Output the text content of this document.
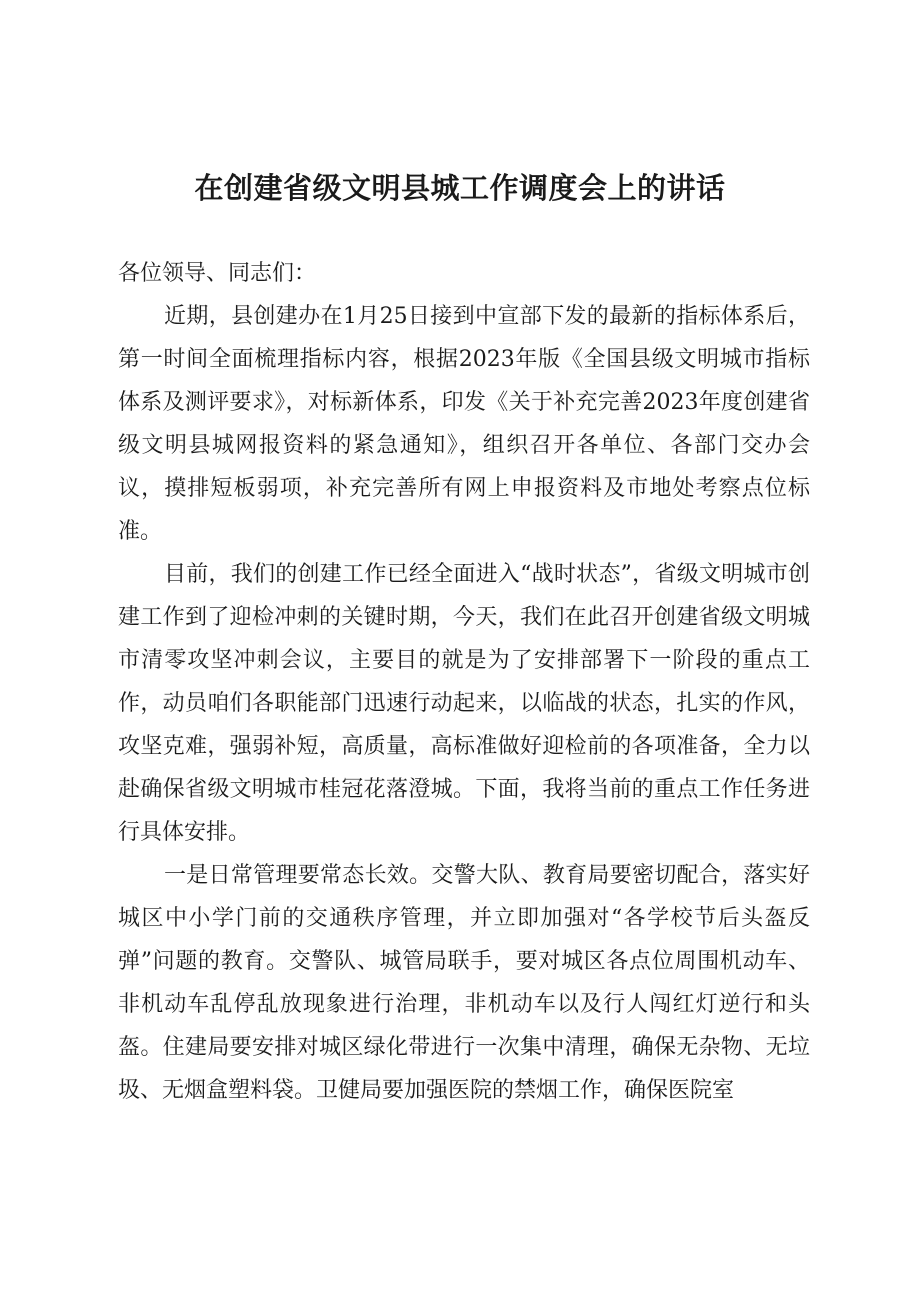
在创建省级文明县城工作调度会上的讲话

各位领导、同志们：

近期，县创建办在1月25日接到中宣部下发的最新的指标体系后，第一时间全面梳理指标内容，根据2023年版《全国县级文明城市指标体系及测评要求》，对标新体系，印发《关于补充完善2023年度创建省级文明县城网报资料的紧急通知》，组织召开各单位、各部门交办会议，摸排短板弱项，补充完善所有网上申报资料及市地处考察点位标准。

目前，我们的创建工作已经全面进入“战时状态”，省级文明城市创建工作到了迎检冲刺的关键时期，今天，我们在此召开创建省级文明城市清零攻坚冲刺会议，主要目的就是为了安排部署下一阶段的重点工作，动员咱们各职能部门迅速行动起来，以临战的状态，扎实的作风，攻坚克难，强弱补短，高质量，高标准做好迎检前的各项准备，全力以赴确保省级文明城市桂冠花落澄城。下面，我将当前的重点工作任务进行具体安排。

一是日常管理要常态长效。交警大队、教育局要密切配合，落实好城区中小学门前的交通秩序管理，并立即加强对“各学校节后头盔反弹”问题的教育。交警队、城管局联手，要对城区各点位周围机动车、非机动车乱停乱放现象进行治理，非机动车以及行人闯红灯逆行和头盔。住建局要安排对城区绿化带进行一次集中清理，确保无杂物、无垃圾、无烟盒塑料袋。卫健局要加强医院的禁烟工作，确保医院室
